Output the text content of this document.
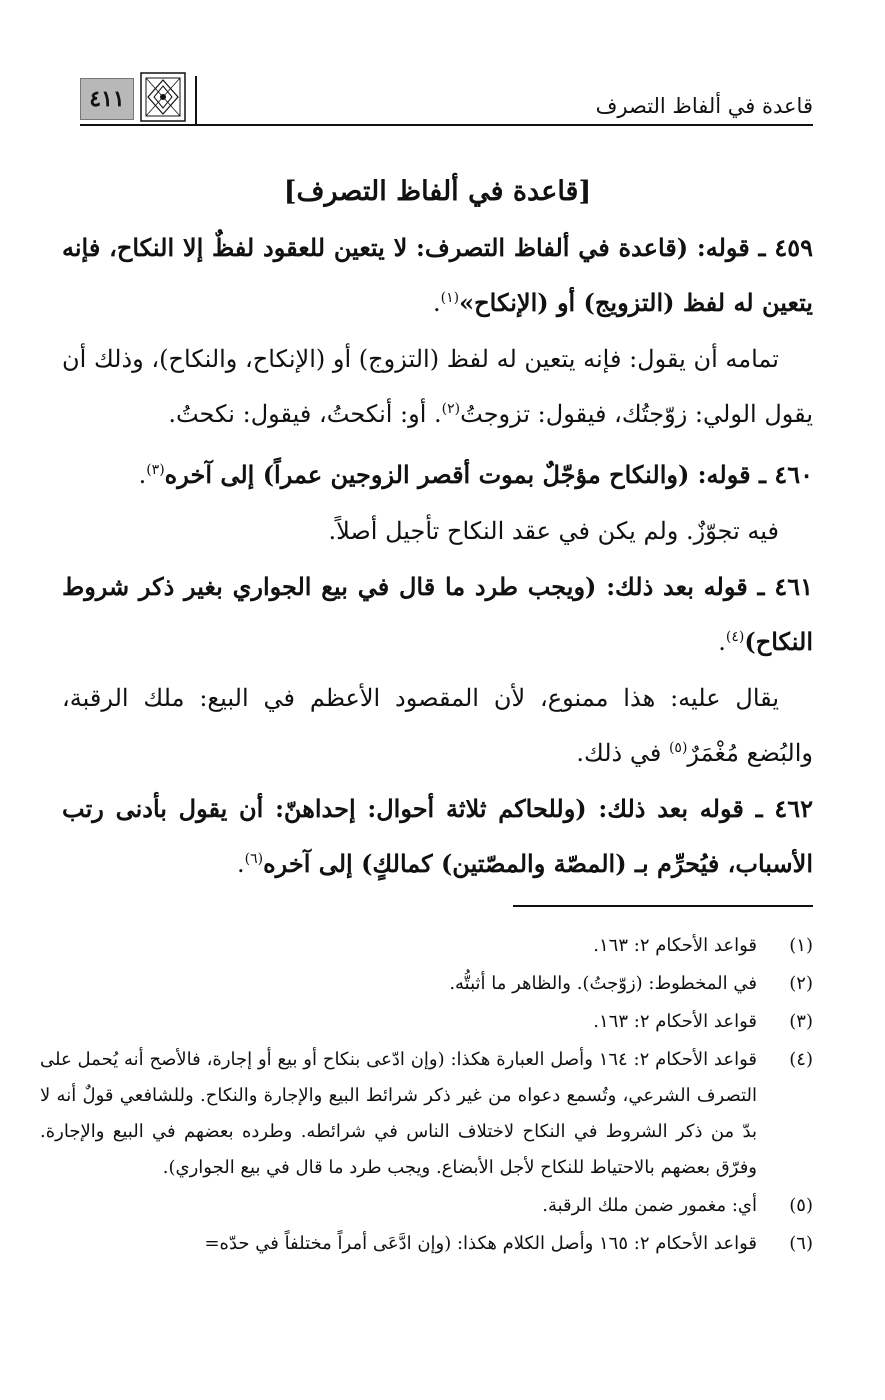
٤١١	قاعدة في ألفاظ التصرف
[قاعدة في ألفاظ التصرف]

٤٥٩ ـ قوله: (قاعدة في ألفاظ التصرف: لا يتعين للعقود لفظٌ إلا النكاح، فإنه يتعين له لفظ (التزويج) أو (الإنكاح»$^{(١)}$.

تمامه أن يقول: فإنه يتعين له لفظ (التزوج) أو (الإنكاح، والنكاح)، وذلك أن يقول الولي: زوّجتُك، فيقول: تزوجتُ$^{(٢)}$. أو: أنكحتُ، فيقول: نكحتُ.

٤٦٠ ـ قوله: (والنكاح مؤجّلٌ بموت أقصر الزوجين عمراً) إلى آخره$^{(٣)}$.

فيه تجوّزٌ. ولم يكن في عقد النكاح تأجيل أصلاً.

٤٦١ ـ قوله بعد ذلك: (ويجب طرد ما قال في بيع الجواري بغير ذكر شروط النكاح)$^{(٤)}$.

يقال عليه: هذا ممنوع، لأن المقصود الأعظم في البيع: ملك الرقبة، والبُضع مُغْمَرٌ$^{(٥)}$ في ذلك.

٤٦٢ ـ قوله بعد ذلك: (وللحاكم ثلاثة أحوال: إحداهنّ: أن يقول بأدنى رتب الأسباب، فيُحرِّم بـ (المصّة والمصّتين) كمالكٍ) إلى آخره$^{(٦)}$.

(١)
قواعد الأحكام ٢: ١٦٣.
(٢)
في المخطوط: (زوّجتُ). والظاهر ما أثبتُّه.
(٣)
قواعد الأحكام ٢: ١٦٣.
(٤)
قواعد الأحكام ٢: ١٦٤ وأصل العبارة هكذا: (وإن ادّعى بنكاح أو بيع أو إجارة، فالأصح أنه يُحمل على التصرف الشرعي، وتُسمع دعواه من غير ذكر شرائط البيع والإجارة والنكاح. وللشافعي قولٌ أنه لا بدّ من ذكر الشروط في النكاح لاختلاف الناس في شرائطه. وطرده بعضهم في البيع والإجارة. وفرّق بعضهم بالاحتياط للنكاح لأجل الأبضاع. ويجب طرد ما قال في بيع الجواري).
(٥)
أي: مغمور ضمن ملك الرقبة.
(٦)
قواعد الأحكام ٢: ١٦٥ وأصل الكلام هكذا: (وإن ادَّعَى أمراً مختلفاً في حدّه=
